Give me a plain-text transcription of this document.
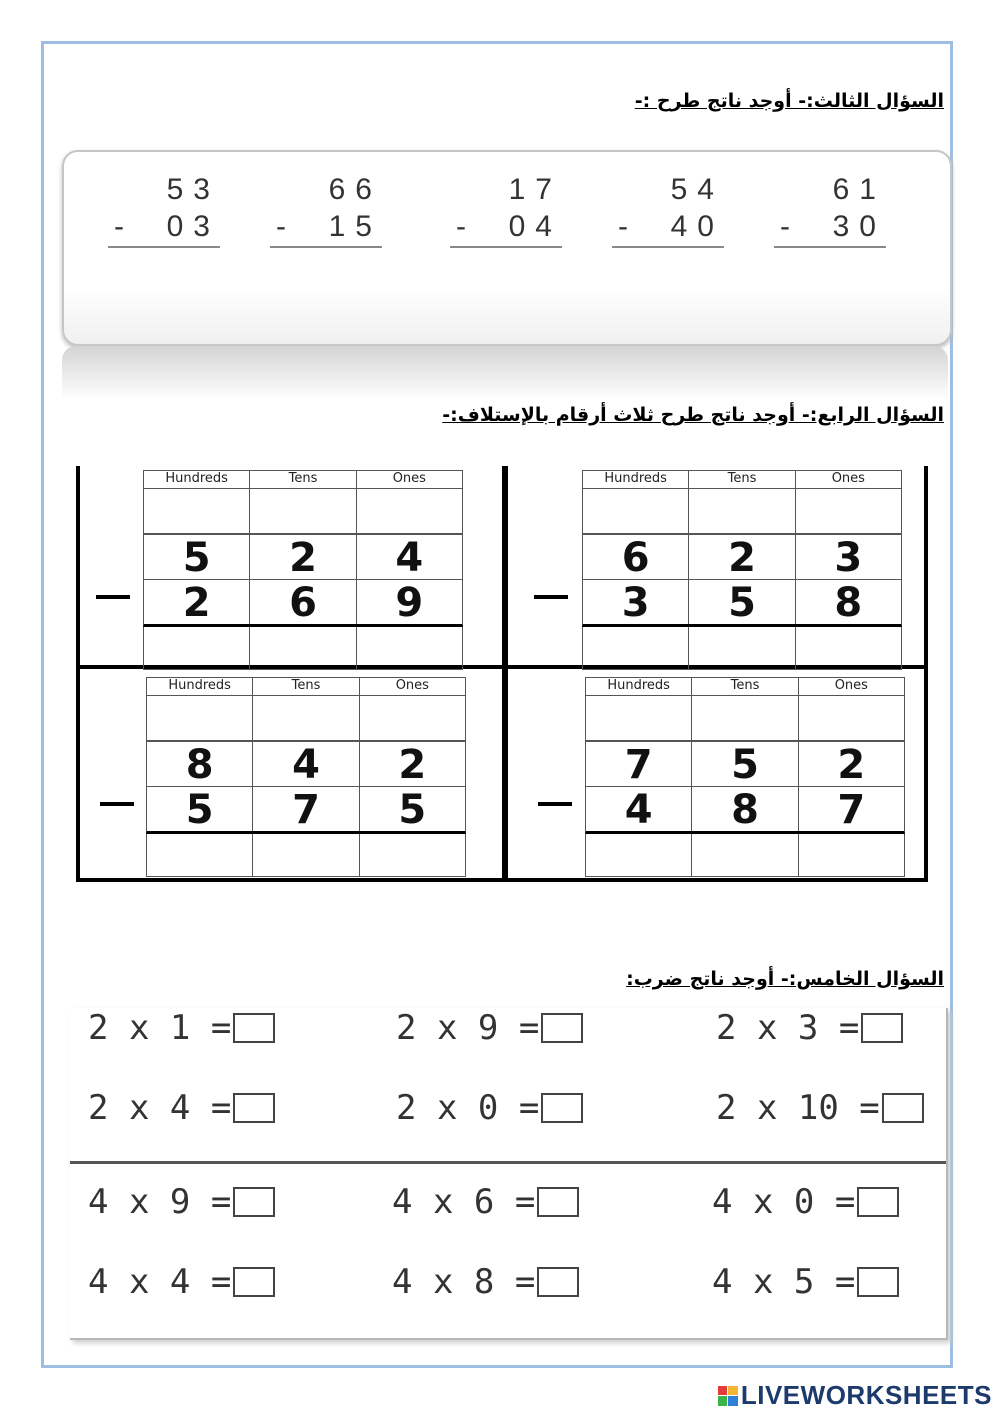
السؤال الثالث:- أوجد ناتج طرح :-
53
- 03
66
- 15
17
- 04
54
- 40
61
- 30
السؤال الرابع:- أوجد ناتج طرح ثلاث أرقام بالإستلاف:-
Hundreds	Tens	Ones
5	2	4
2	6	9
Hundreds	Tens	Ones
6	2	3
3	5	8
Hundreds	Tens	Ones
8	4	2
5	7	5
Hundreds	Tens	Ones
7	5	2
4	8	7
السؤال الخامس:- أوجد ناتج ضرب:
2 x 1 =	2 x 9 =	2 x 3 =
2 x 4 =	2 x 0 =	2 x 10 =
4 x 9 =	4 x 6 =	4 x 0 =
4 x 4 =	4 x 8 =	4 x 5 =
LIVEWORKSHEETS
